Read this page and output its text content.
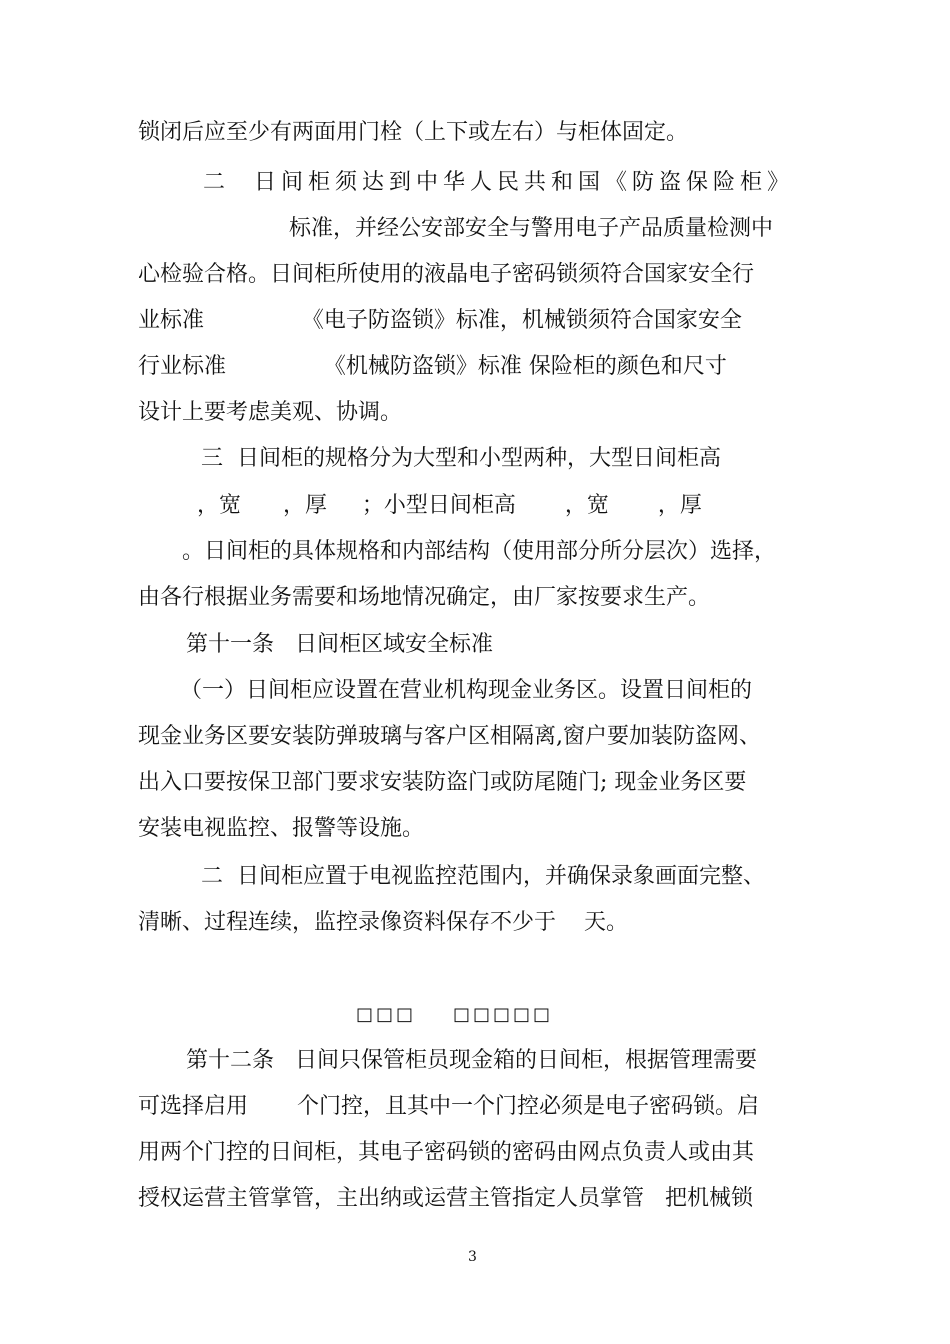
锁闭后应至少有两面用门栓（上下或左右）与柜体固定。
二  日间柜须达到中华人民共和国《防盗保险柜》
标准，并经公安部安全与警用电子产品质量检测中
心检验合格。日间柜所使用的液晶电子密码锁须符合国家安全行
业标准              《电子防盗锁》标准，机械锁须符合国家安全
行业标准              《机械防盗锁》标准 保险柜的颜色和尺寸
设计上要考虑美观、协调。
三  日间柜的规格分为大型和小型两种，大型日间柜高
，宽      ，厚     ；小型日间柜高       ，宽       ，厚
。日间柜的具体规格和内部结构（使用部分所分层次）选择，
由各行根据业务需要和场地情况确定，由厂家按要求生产。
第十一条   日间柜区域安全标准
（一）日间柜应设置在营业机构现金业务区。设置日间柜的
现金业务区要安装防弹玻璃与客户区相隔离,窗户要加装防盗网、
出入口要按保卫部门要求安装防盗门或防尾随门; 现金业务区要
安装电视监控、报警等设施。
二  日间柜应置于电视监控范围内，并确保录象画面完整、
清晰、过程连续，监控录像资料保存不少于    天。
□□□ □□□□□
第十二条   日间只保管柜员现金箱的日间柜，根据管理需要
可选择启用       个门控，且其中一个门控必须是电子密码锁。启
用两个门控的日间柜，其电子密码锁的密码由网点负责人或由其
授权运营主管掌管，主出纳或运营主管指定人员掌管   把机械锁
3
